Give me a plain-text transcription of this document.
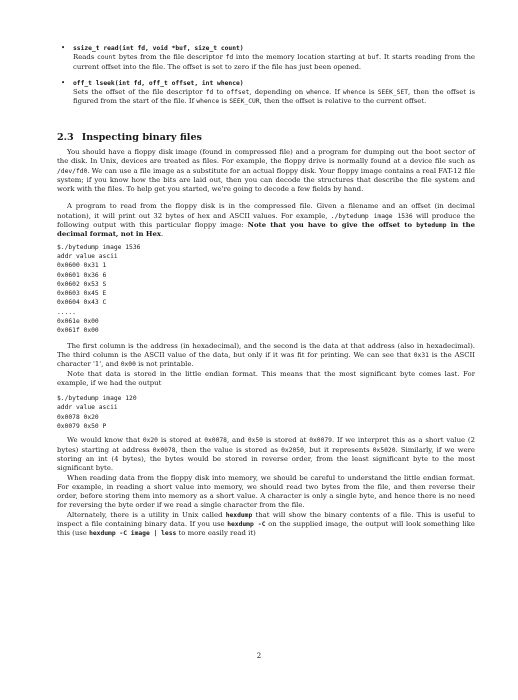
• ssize_t read(int fd, void *buf, size_t count)
Reads count bytes from the file descriptor fd into the memory location starting at buf. It starts reading from the current offset into the file. The offset is set to zero if the file has just been opened.
• off_t lseek(int fd, off_t offset, int whence)
Sets the offset of the file descriptor fd to offset, depending on whence. If whence is SEEK_SET, then the offset is figured from the start of the file. If whence is SEEK_CUR, then the offset is relative to the current offset.
2.3 Inspecting binary files

You should have a floppy disk image (found in compressed file) and a program for dumping out the boot sector of the disk. In Unix, devices are treated as files. For example, the floppy drive is normally found at a device file such as /dev/fd0. We can use a file image as a substitute for an actual floppy disk. Your floppy image contains a real FAT-12 file system; if you know how the bits are laid out, then you can decode the structures that describe the file system and work with the files. To help get you started, we're going to decode a few fields by hand.

A program to read from the floppy disk is in the compressed file. Given a filename and an offset (in decimal notation), it will print out 32 bytes of hex and ASCII values. For example, ./bytedump image 1536 will produce the following output with this particular floppy image: Note that you have to give the offset to bytedump in the decimal format, not in Hex.

$./bytedump image 1536
addr value ascii
0x0600 0x31 1
0x0601 0x36 6
0x0602 0x53 S
0x0603 0x45 E
0x0604 0x43 C
.....
0x061e 0x00
0x061f 0x00

The first column is the address (in hexadecimal), and the second is the data at that address (also in hexadecimal). The third column is the ASCII value of the data, but only if it was fit for printing. We can see that 0x31 is the ASCII character '1', and 0x00 is not printable.

Note that data is stored in the little endian format. This means that the most significant byte comes last. For example, if we had the output

$./bytedump image 120
addr value ascii
0x0078 0x20
0x0079 0x50 P

We would know that 0x20 is stored at 0x0078, and 0x50 is stored at 0x0079. If we interpret this as a short value (2 bytes) starting at address 0x0078, then the value is stored as 0x2050, but it represents 0x5020. Similarly, if we were storing an int (4 bytes), the bytes would be stored in reverse order, from the least significant byte to the most significant byte.

When reading data from the floppy disk into memory, we should be careful to understand the little endian format. For example, in reading a short value into memory, we should read two bytes from the file, and then reverse their order, before storing them into memory as a short value. A character is only a single byte, and hence there is no need for reversing the byte order if we read a single character from the file.

Alternately, there is a utility in Unix called hexdump that will show the binary contents of a file. This is useful to inspect a file containing binary data. If you use hexdump -C on the supplied image, the output will look something like this (use hexdump -C image | less to more easily read it)

2
